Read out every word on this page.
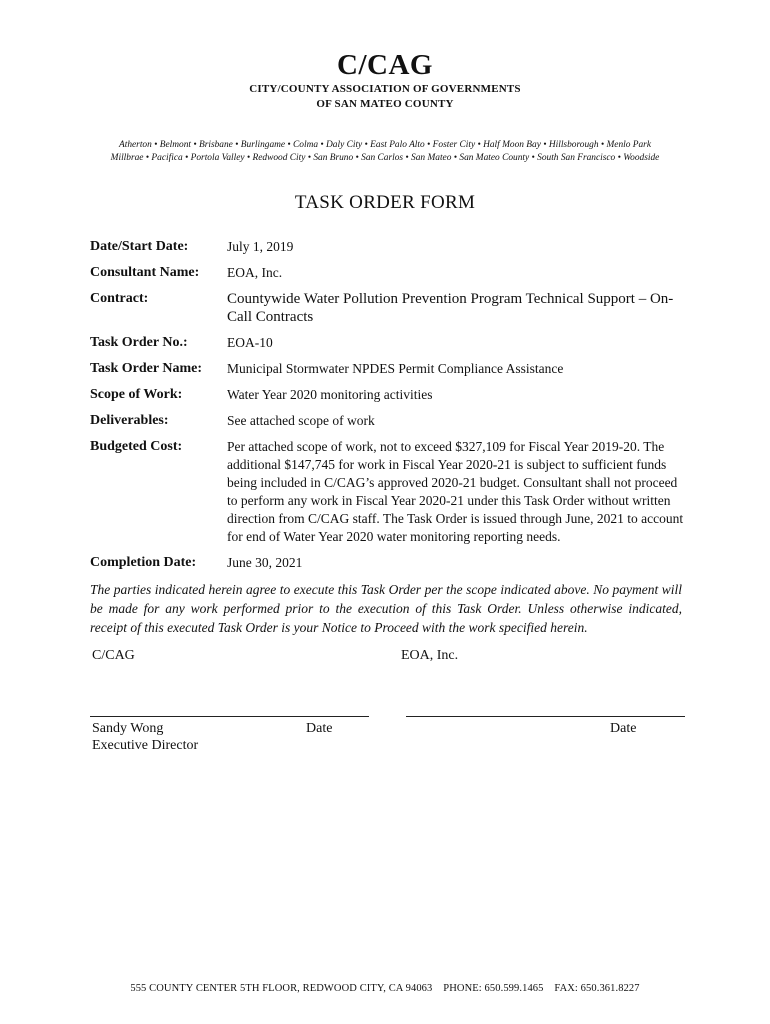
C/CAG
CITY/COUNTY ASSOCIATION OF GOVERNMENTS
OF SAN MATEO COUNTY
Atherton • Belmont • Brisbane • Burlingame • Colma • Daly City • East Palo Alto • Foster City • Half Moon Bay • Hillsborough • Menlo Park
Millbrae • Pacifica • Portola Valley • Redwood City • San Bruno • San Carlos • San Mateo • San Mateo County • South San Francisco • Woodside
TASK ORDER FORM
Date/Start Date:	July 1, 2019
Consultant Name:	EOA, Inc.
Contract:	Countywide Water Pollution Prevention Program Technical Support – On-Call Contracts
Task Order No.:	EOA-10
Task Order Name:	Municipal Stormwater NPDES Permit Compliance Assistance
Scope of Work:	Water Year 2020 monitoring activities
Deliverables:	See attached scope of work
Budgeted Cost:	Per attached scope of work, not to exceed $327,109 for Fiscal Year 2019-20. The additional $147,745 for work in Fiscal Year 2020-21 is subject to sufficient funds being included in C/CAG’s approved 2020-21 budget. Consultant shall not proceed to perform any work in Fiscal Year 2020-21 under this Task Order without written direction from C/CAG staff. The Task Order is issued through June, 2021 to account for end of Water Year 2020 water monitoring reporting needs.
Completion Date:	June 30, 2021
The parties indicated herein agree to execute this Task Order per the scope indicated above. No payment will be made for any work performed prior to the execution of this Task Order. Unless otherwise indicated, receipt of this executed Task Order is your Notice to Proceed with the work specified herein.
C/CAG	EOA, Inc.
Sandy Wong
Executive Director
Date	Date
555 COUNTY CENTER 5TH FLOOR, REDWOOD CITY, CA 94063 PHONE: 650.599.1465 FAX: 650.361.8227
